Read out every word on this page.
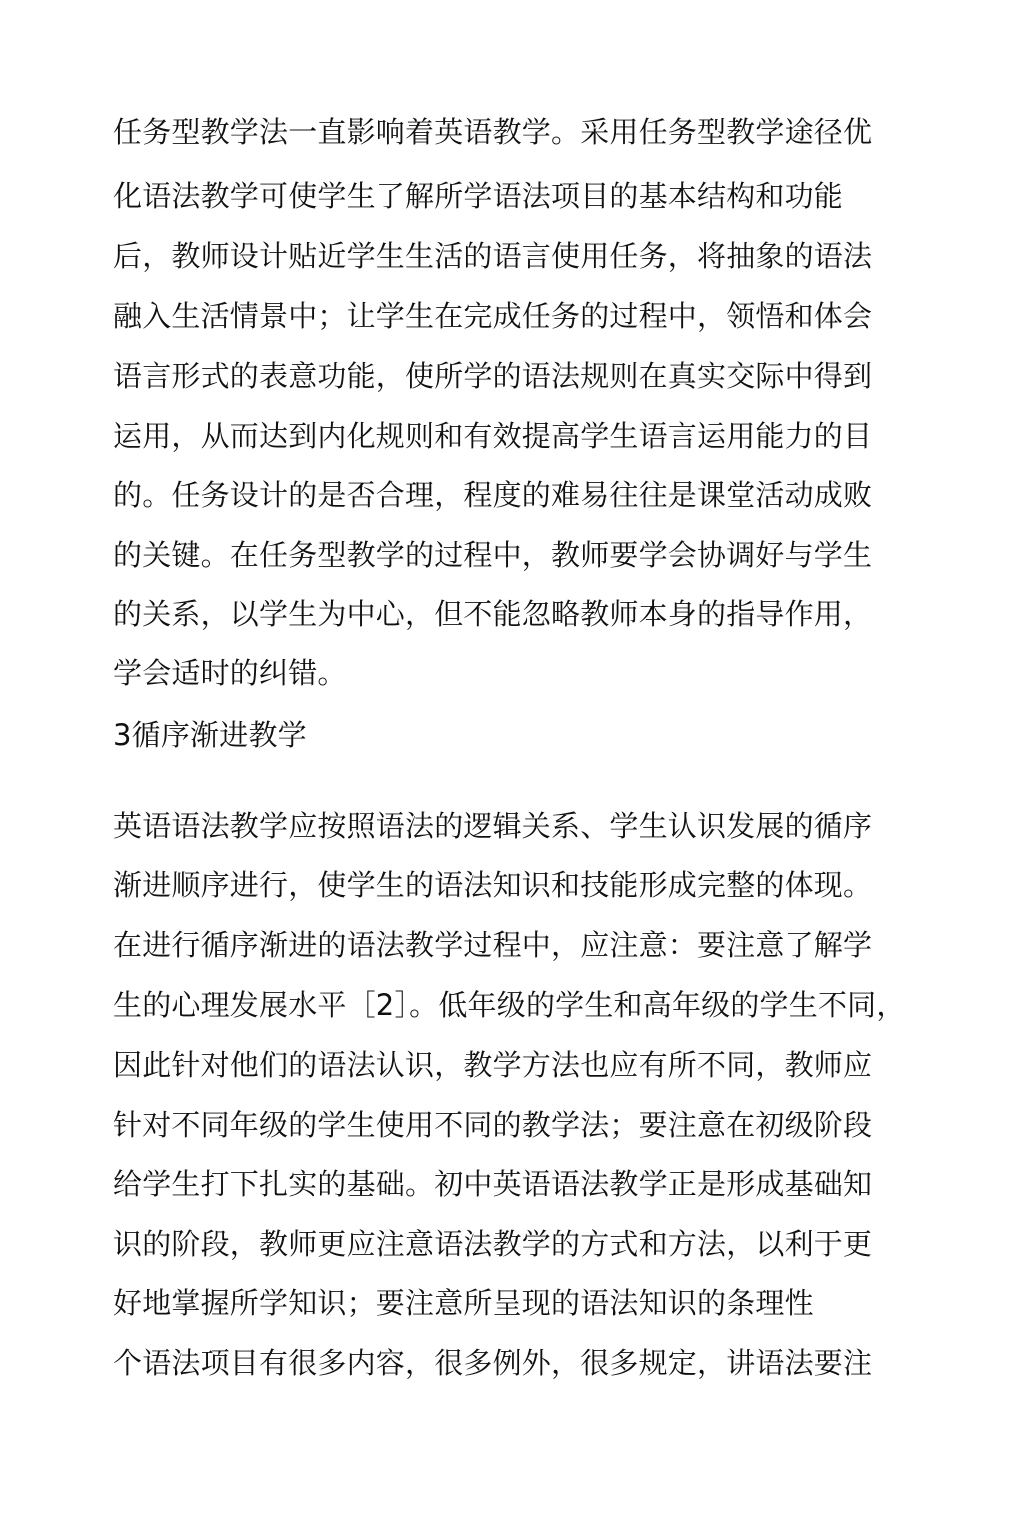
任务型教学法一直影响着英语教学。采用任务型教学途径优
化语法教学可使学生了解所学语法项目的基本结构和功能
后，教师设计贴近学生生活的语言使用任务，将抽象的语法
融入生活情景中；让学生在完成任务的过程中，领悟和体会
语言形式的表意功能，使所学的语法规则在真实交际中得到
运用，从而达到内化规则和有效提高学生语言运用能力的目
的。任务设计的是否合理，程度的难易往往是课堂活动成败
的关键。在任务型教学的过程中，教师要学会协调好与学生
的关系，以学生为中心，但不能忽略教师本身的指导作用，
学会适时的纠错。
3循序渐进教学
英语语法教学应按照语法的逻辑关系、学生认识发展的循序
渐进顺序进行，使学生的语法知识和技能形成完整的体现。
在进行循序渐进的语法教学过程中，应注意：要注意了解学
生的心理发展水平［2］。低年级的学生和高年级的学生不同，
因此针对他们的语法认识，教学方法也应有所不同，教师应
针对不同年级的学生使用不同的教学法；要注意在初级阶段
给学生打下扎实的基础。初中英语语法教学正是形成基础知
识的阶段，教师更应注意语法教学的方式和方法，以利于更
好地掌握所学知识；要注意所呈现的语法知识的条理性
个语法项目有很多内容，很多例外，很多规定，讲语法要注
